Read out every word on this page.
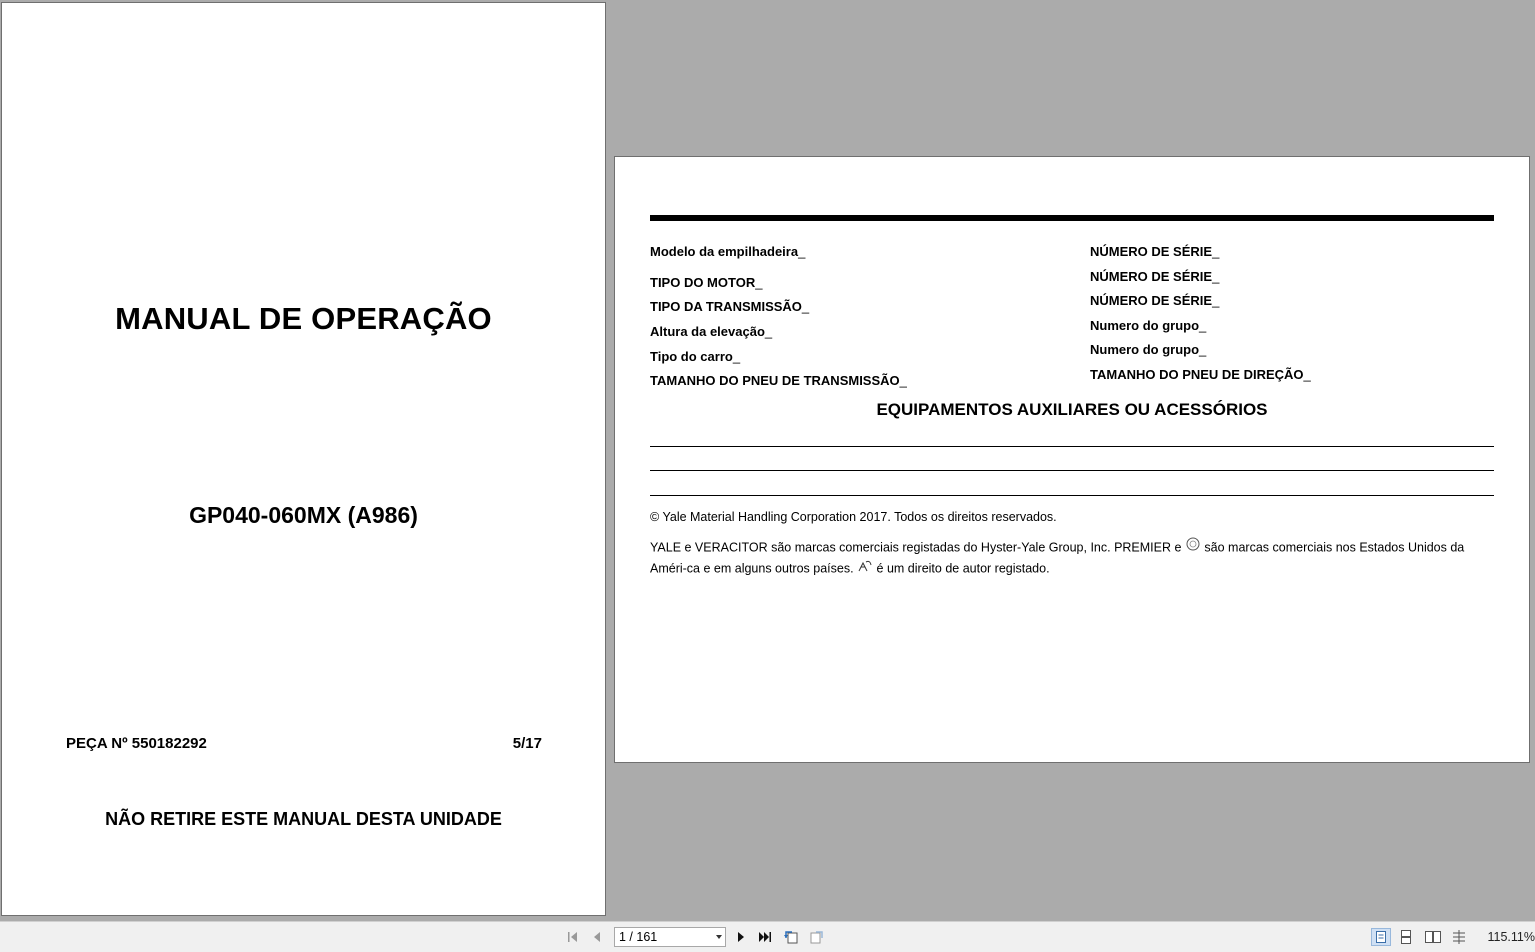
MANUAL DE OPERAÇÃO
GP040-060MX (A986)
PEÇA Nº 550182292	5/17
NÃO RETIRE ESTE MANUAL DESTA UNIDADE
Modelo da empilhadeira _
TIPO DO MOTOR _
TIPO DA TRANSMISSÃO _
Altura da elevação _
Tipo do carro _
TAMANHO DO PNEU DE TRANSMISSÃO _
NÚMERO DE SÉRIE _
NÚMERO DE SÉRIE _
NÚMERO DE SÉRIE _
Numero do grupo _
Numero do grupo _
TAMANHO DO PNEU DE DIREÇÃO _
EQUIPAMENTOS AUXILIARES OU ACESSÓRIOS
© Yale Material Handling Corporation 2017. Todos os direitos reservados.
YALE e VERACITOR são marcas comerciais registadas do Hyster-Yale Group, Inc. PREMIER e são marcas comerciais nos Estados Unidos da Améri-ca e em alguns outros países. é um direito de autor registado.
1 / 161	115.11%
